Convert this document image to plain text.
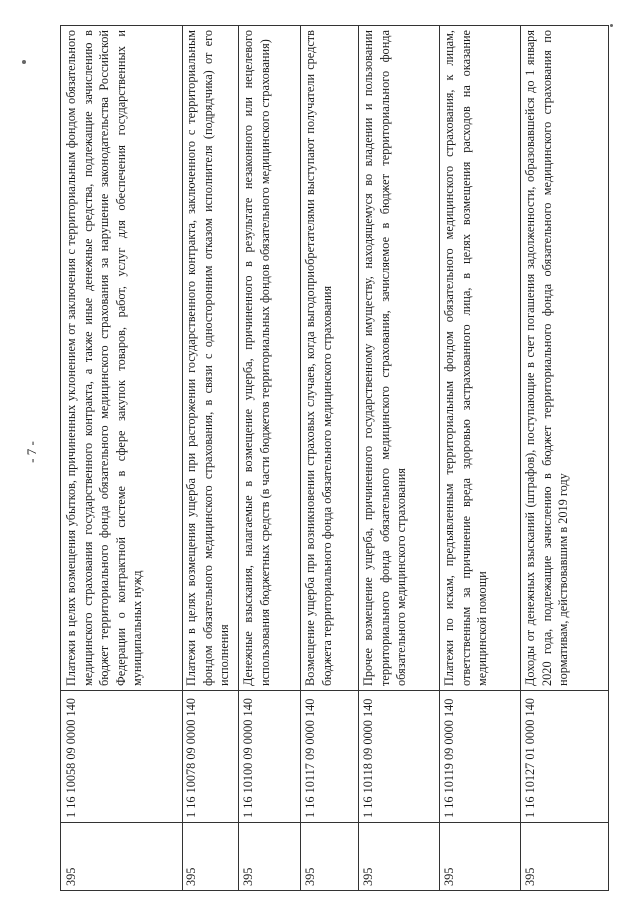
- 7 -
395
1 16 10058 09 0000 140
Платежи в целях возмещения убытков, причиненных уклонением от заключения с территориальным фондом обязательного медицинского страхования государственного контракта, а также иные денежные средства, подлежащие зачислению в бюджет территориального фонда обязательного медицинского страхования за нарушение законодательства Российской Федерации о контрактной системе в сфере закупок товаров, работ, услуг для обеспечения государственных и муниципальных нужд
395
1 16 10078 09 0000 140
Платежи в целях возмещения ущерба при расторжении государственного контракта, заключенного с территориальным фондом обязательного медицинского страхования, в связи с односторонним отказом исполнителя (подрядчика) от его исполнения
395
1 16 10100 09 0000 140
Денежные взыскания, налагаемые в возмещение ущерба, причиненного в результате незаконного или нецелевого использования бюджетных средств (в части бюджетов территориальных фондов обязательного медицинского страхования)
395
1 16 10117 09 0000 140
Возмещение ущерба при возникновении страховых случаев, когда выгодоприобретателями выступают получатели средств бюджета территориального фонда обязательного медицинского страхования
395
1 16 10118 09 0000 140
Прочее возмещение ущерба, причиненного государственному имуществу, находящемуся во владении и пользовании территориального фонда обязательного медицинского страхования, зачисляемое в бюджет территориального фонда обязательного медицинского страхования
395
1 16 10119 09 0000 140
Платежи по искам, предъявленным территориальным фондом обязательного медицинского страхования, к лицам, ответственным за причинение вреда здоровью застрахованного лица, в целях возмещения расходов на оказание медицинской помощи
395
1 16 10127 01 0000 140
Доходы от денежных взысканий (штрафов), поступающие в счет погашения задолженности, образовавшейся до 1 января 2020 года, подлежащие зачислению в бюджет территориального фонда обязательного медицинского страхования по нормативам, действовавшим в 2019 году
